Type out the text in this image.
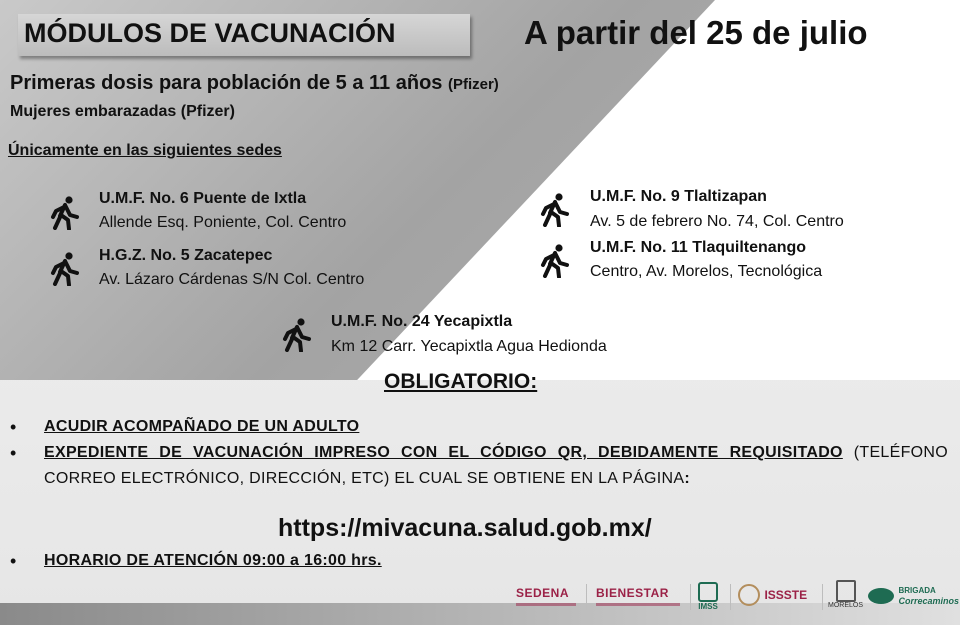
MÓDULOS DE VACUNACIÓN	A partir del 25 de julio
Primeras dosis para población de 5 a 11 años (Pfizer)
Mujeres embarazadas (Pfizer)
Únicamente en las siguientes sedes
U.M.F. No. 6 Puente de Ixtla
Allende Esq. Poniente, Col. Centro
H.G.Z. No. 5 Zacatepec
Av. Lázaro Cárdenas S/N Col. Centro
U.M.F. No. 9 Tlaltizapan
Av. 5 de febrero No. 74, Col. Centro
U.M.F. No. 11 Tlaquiltenango
Centro, Av. Morelos, Tecnológica
U.M.F. No. 24 Yecapixtla
Km 12 Carr. Yecapixtla Agua Hedionda
OBLIGATORIO:
• ACUDIR ACOMPAÑADO DE UN ADULTO
• EXPEDIENTE DE VACUNACIÓN IMPRESO CON EL CÓDIGO QR, DEBIDAMENTE REQUISITADO (TELÉFONO CORREO ELECTRÓNICO, DIRECCIÓN, ETC) EL CUAL SE OBTIENE EN LA PÁGINA:
https://mivacuna.salud.gob.mx/
• HORARIO DE ATENCIÓN 09:00 a 16:00 hrs.
SEDENA	BIENESTAR
IMSS
ISSSTE
MORELOS

BRIGADA
Correcaminos
